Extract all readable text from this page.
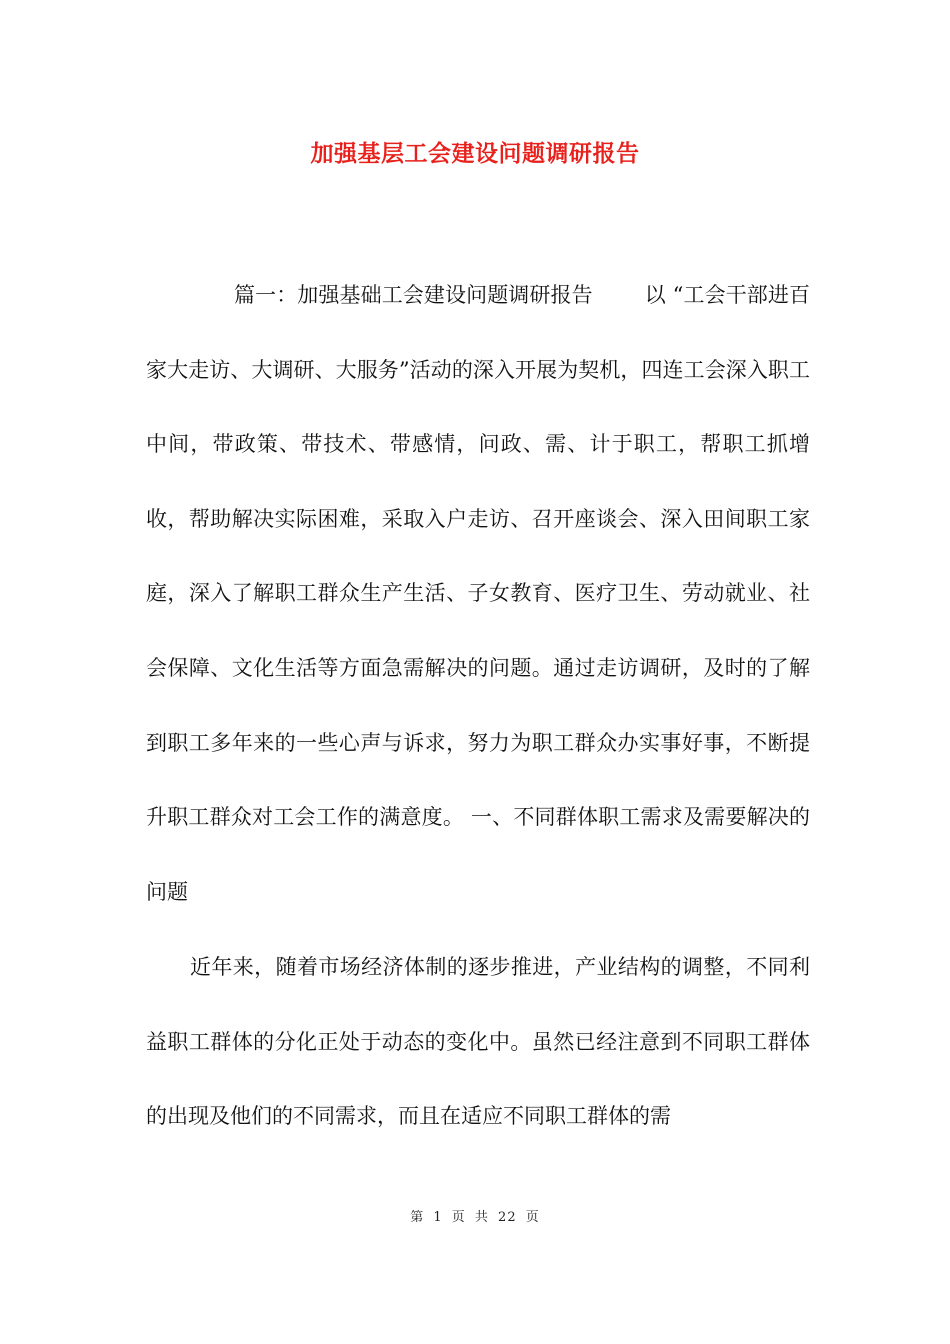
加强基层工会建设问题调研报告

篇一：加强基础工会建设问题调研报告 以 “工会干部进百家大走访、大调研、大服务”活动的深入开展为契机，四连工会深入职工中间，带政策、带技术、带感情，问政、需、计于职工，帮职工抓增收，帮助解决实际困难，采取入户走访、召开座谈会、深入田间职工家庭，深入了解职工群众生产生活、子女教育、医疗卫生、劳动就业、社会保障、文化生活等方面急需解决的问题。通过走访调研，及时的了解到职工多年来的一些心声与诉求，努力为职工群众办实事好事，不断提升职工群众对工会工作的满意度。 一、不同群体职工需求及需要解决的问题

近年来，随着市场经济体制的逐步推进，产业结构的调整，不同利益职工群体的分化正处于动态的变化中。虽然已经注意到不同职工群体的出现及他们的不同需求，而且在适应不同职工群体的需

第 1 页 共 22 页
